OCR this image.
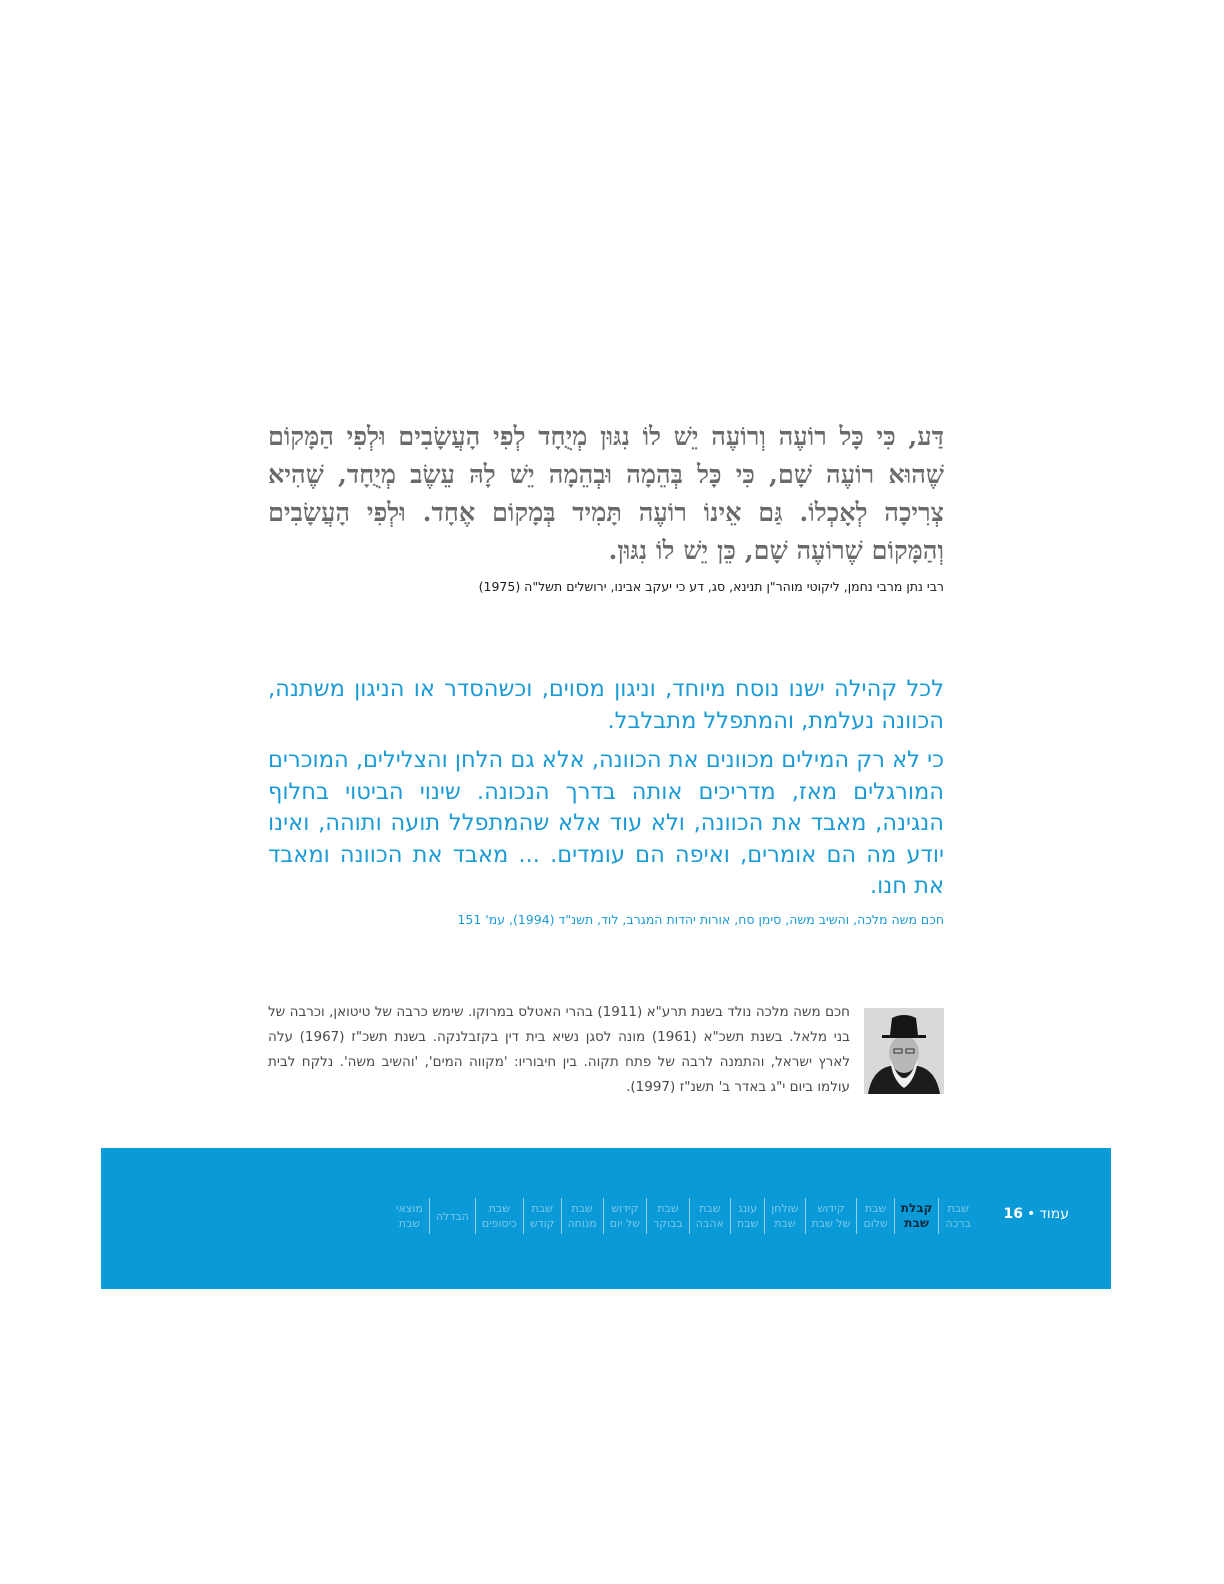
דַּע, כִּי כָּל רוֹעֶה וְרוֹעֶה יֵשׁ לוֹ נִגּוּן מְיֻחָד לְפִי הָעֲשָׂבִים וּלְפִי הַמָּקוֹם שֶׁהוּא רוֹעֶה שָׁם, כִּי כָּל בְּהֵמָה וּבְהֵמָה יֵשׁ לָהּ עֵשֶׂב מְיֻחָד, שֶׁהִיא צְרִיכָה לְאָכְלוֹ. גַּם אֵינוֹ רוֹעֶה תָּמִיד בְּמָקוֹם אֶחָד. וּלְפִי הָעֲשָׂבִים וְהַמָּקוֹם שֶׁרוֹעֶה שָׁם, כֵּן יֵשׁ לוֹ נִגּוּן.

רבי נתן מרבי נחמן, ליקוטי מוהר"ן תנינא, סג, דע כי יעקב אבינו, ירושלים תשל"ה (1975)

לכל קהילה ישנו נוסח מיוחד, וניגון מסוים, וכשהסדר או הניגון משתנה, הכוונה נעלמת, והמתפלל מתבלבל.

כי לא רק המילים מכוונים את הכוונה, אלא גם הלחן והצלילים, המוכרים המורגלים מאז, מדריכים אותה בדרך הנכונה. שינוי הביטוי בחלוף הנגינה, מאבד את הכוונה, ולא עוד אלא שהמתפלל תועה ותוהה, ואינו יודע מה הם אומרים, ואיפה הם עומדים. ... מאבד את הכוונה ומאבד את חנו.

חכם משה מלכה, והשיב משה, סימן סח, אורות יהדות המגרב, לוד, תשנ"ד (1994), עמ' 151

חכם משה מלכה נולד בשנת תרע"א (1911) בהרי האטלס במרוקו. שימש כרבה של טיטואן, וכרבה של בני מלאל. בשנת תשכ"א (1961) מונה לסגן נשיא בית דין בקזבלנקה. בשנת תשכ"ז (1967) עלה לארץ ישראל, והתמנה לרבה של פתח תקוה. בין חיבוריו: 'מקווה המים', 'והשיב משה'. נלקח לבית עולמו ביום י"ג באדר ב' תשנ"ז (1997).

עמוד•16
שבת
ברכה
קבלת
שבת
שבת
שלום
קידוש
של שבת
שולחן
שבת
עונג
שבת
שבת
אהבה
שבת
בבוקר
קידוש
של יום
שבת
מנוחה
שבת
קודש
שבת
כיסופים
הבדלה
מוצאי
שבת
